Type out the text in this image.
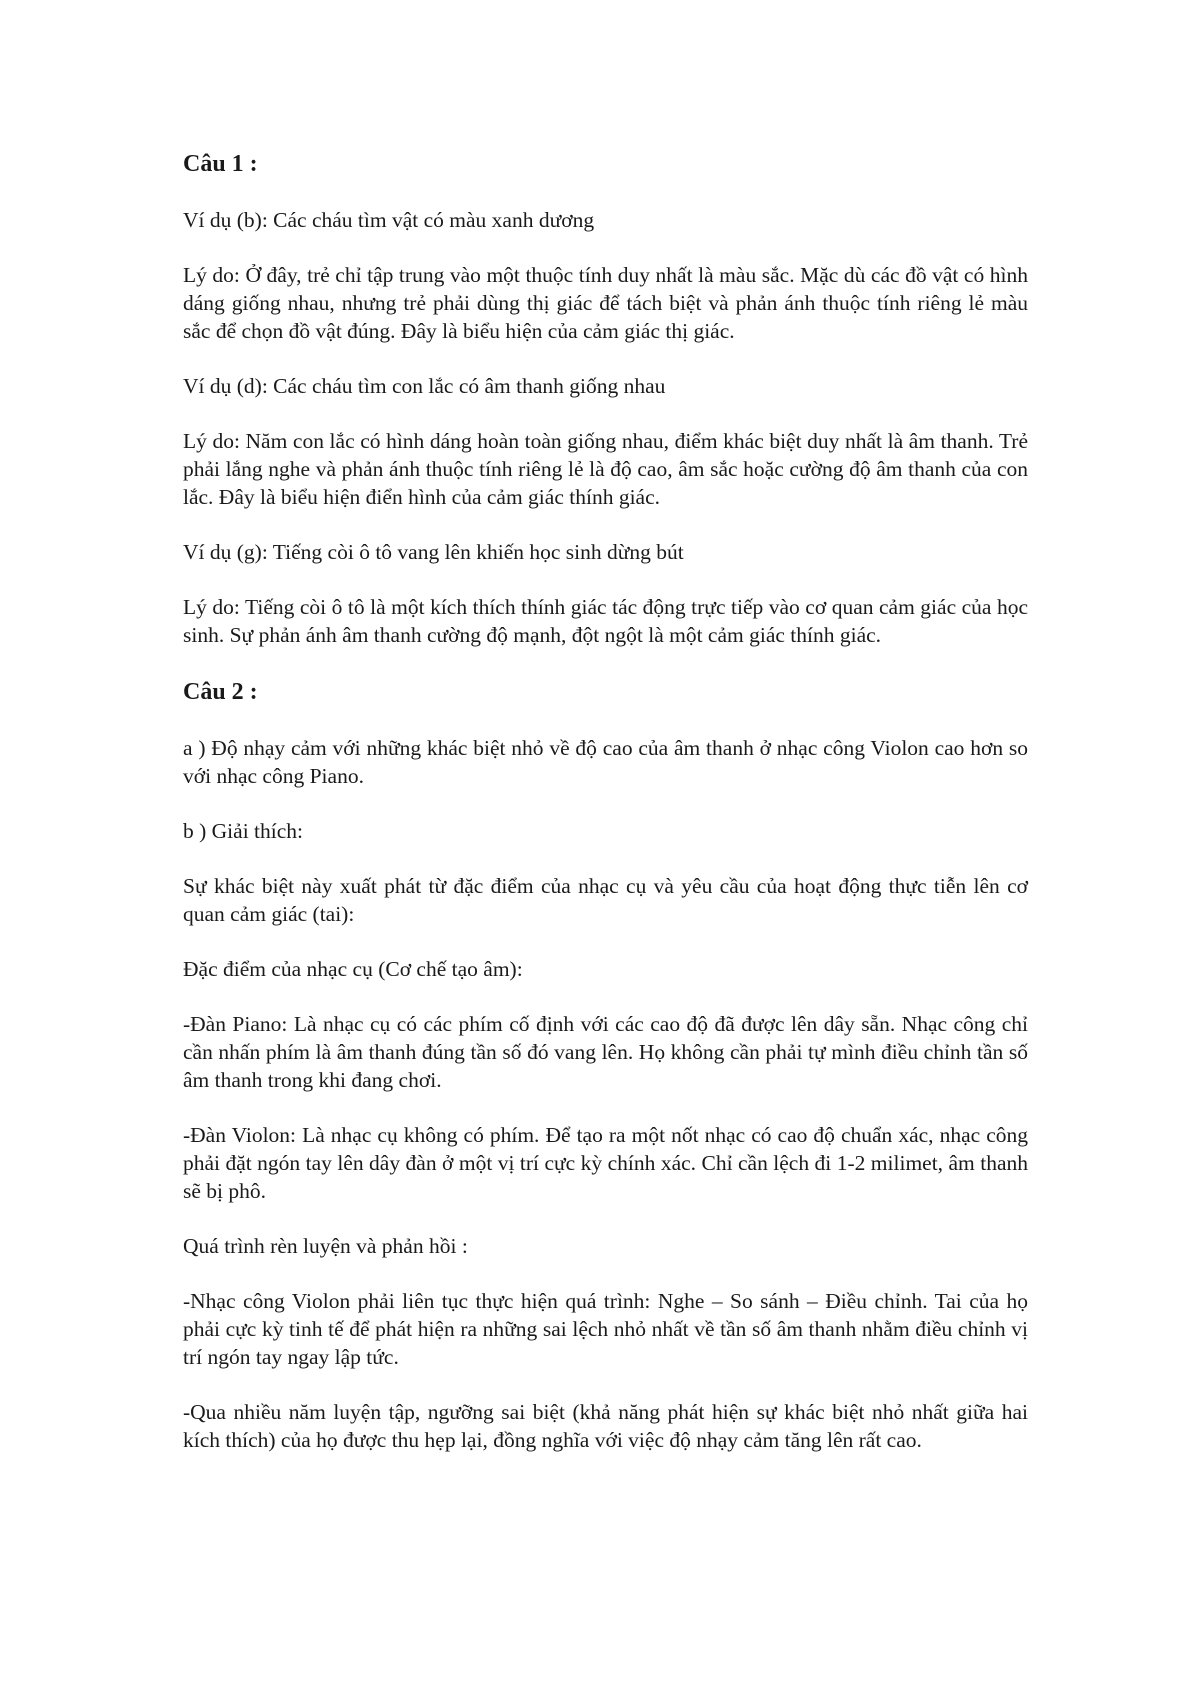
Câu 1 :

Ví dụ (b): Các cháu tìm vật có màu xanh dương

Lý do: Ở đây, trẻ chỉ tập trung vào một thuộc tính duy nhất là màu sắc. Mặc dù các đồ vật có hình dáng giống nhau, nhưng trẻ phải dùng thị giác để tách biệt và phản ánh thuộc tính riêng lẻ màu sắc để chọn đồ vật đúng. Đây là biểu hiện của cảm giác thị giác.

Ví dụ (d): Các cháu tìm con lắc có âm thanh giống nhau

Lý do: Năm con lắc có hình dáng hoàn toàn giống nhau, điểm khác biệt duy nhất là âm thanh. Trẻ phải lắng nghe và phản ánh thuộc tính riêng lẻ là độ cao, âm sắc hoặc cường độ âm thanh của con lắc. Đây là biểu hiện điển hình của cảm giác thính giác.

Ví dụ (g): Tiếng còi ô tô vang lên khiến học sinh dừng bút

Lý do: Tiếng còi ô tô là một kích thích thính giác tác động trực tiếp vào cơ quan cảm giác của học sinh. Sự phản ánh âm thanh cường độ mạnh, đột ngột là một cảm giác thính giác.

Câu 2 :

a ) Độ nhạy cảm với những khác biệt nhỏ về độ cao của âm thanh ở nhạc công Violon cao hơn so với nhạc công Piano.

b ) Giải thích:

Sự khác biệt này xuất phát từ đặc điểm của nhạc cụ và yêu cầu của hoạt động thực tiễn lên cơ quan cảm giác (tai):

Đặc điểm của nhạc cụ (Cơ chế tạo âm):

-Đàn Piano: Là nhạc cụ có các phím cố định với các cao độ đã được lên dây sẵn. Nhạc công chỉ cần nhấn phím là âm thanh đúng tần số đó vang lên. Họ không cần phải tự mình điều chỉnh tần số âm thanh trong khi đang chơi.

-Đàn Violon: Là nhạc cụ không có phím. Để tạo ra một nốt nhạc có cao độ chuẩn xác, nhạc công phải đặt ngón tay lên dây đàn ở một vị trí cực kỳ chính xác. Chỉ cần lệch đi 1-2 milimet, âm thanh sẽ bị phô.

Quá trình rèn luyện và phản hồi :

-Nhạc công Violon phải liên tục thực hiện quá trình: Nghe – So sánh – Điều chỉnh. Tai của họ phải cực kỳ tinh tế để phát hiện ra những sai lệch nhỏ nhất về tần số âm thanh nhằm điều chỉnh vị trí ngón tay ngay lập tức.

-Qua nhiều năm luyện tập, ngưỡng sai biệt (khả năng phát hiện sự khác biệt nhỏ nhất giữa hai kích thích) của họ được thu hẹp lại, đồng nghĩa với việc độ nhạy cảm tăng lên rất cao.
